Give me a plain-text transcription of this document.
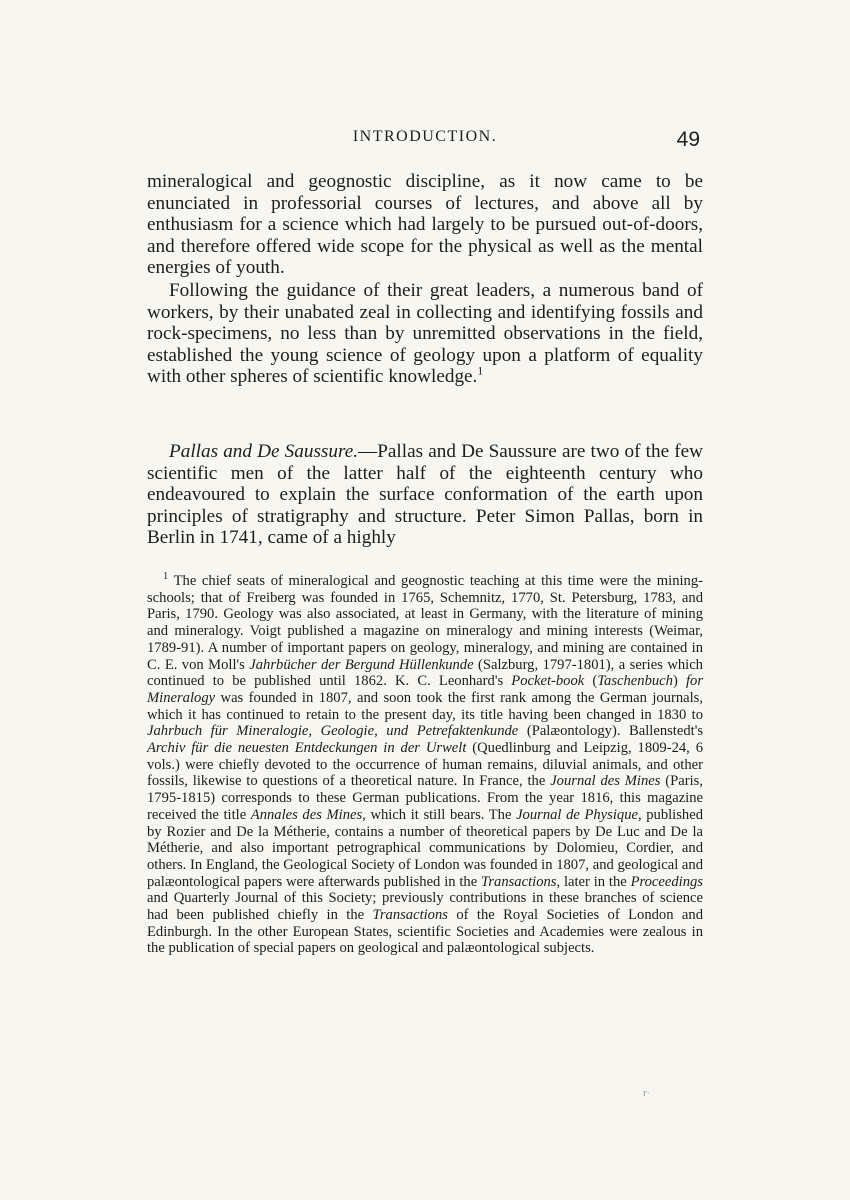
INTRODUCTION.	49

mineralogical and geognostic discipline, as it now came to be enunciated in professorial courses of lectures, and above all by enthusiasm for a science which had largely to be pursued out-of-doors, and therefore offered wide scope for the physical as well as the mental energies of youth.

Following the guidance of their great leaders, a numerous band of workers, by their unabated zeal in collecting and identifying fossils and rock-specimens, no less than by unremitted observations in the field, established the young science of geology upon a platform of equality with other spheres of scientific knowledge.$^1$

Pallas and De Saussure.—Pallas and De Saussure are two of the few scientific men of the latter half of the eighteenth century who endeavoured to explain the surface conformation of the earth upon principles of stratigraphy and structure. Peter Simon Pallas, born in Berlin in 1741, came of a highly

$^1$ The chief seats of mineralogical and geognostic teaching at this time were the mining-schools; that of Freiberg was founded in 1765, Schemnitz, 1770, St. Petersburg, 1783, and Paris, 1790. Geology was also associated, at least in Germany, with the literature of mining and mineralogy. Voigt published a magazine on mineralogy and mining interests (Weimar, 1789-91). A number of important papers on geology, mineralogy, and mining are contained in C. E. von Moll's Jahrbücher der Bergund Hüllenkunde (Salzburg, 1797-1801), a series which continued to be published until 1862. K. C. Leonhard's Pocket-book (Taschenbuch) for Mineralogy was founded in 1807, and soon took the first rank among the German journals, which it has continued to retain to the present day, its title having been changed in 1830 to Jahrbuch für Mineralogie, Geologie, und Petrefaktenkunde (Palæontology). Ballenstedt's Archiv für die neuesten Entdeckungen in der Urwelt (Quedlinburg and Leipzig, 1809-24, 6 vols.) were chiefly devoted to the occurrence of human remains, diluvial animals, and other fossils, likewise to questions of a theoretical nature. In France, the Journal des Mines (Paris, 1795-1815) corresponds to these German publications. From the year 1816, this magazine received the title Annales des Mines, which it still bears. The Journal de Physique, published by Rozier and De la Métherie, contains a number of theoretical papers by De Luc and De la Métherie, and also important petrographical communications by Dolomieu, Cordier, and others. In England, the Geological Society of London was founded in 1807, and geological and palæontological papers were afterwards published in the Transactions, later in the Proceedings and Quarterly Journal of this Society; previously contributions in these branches of science had been published chiefly in the Transactions of the Royal Societies of London and Edinburgh. In the other European States, scientific Societies and Academies were zealous in the publication of special papers on geological and palæontological subjects.

r·
